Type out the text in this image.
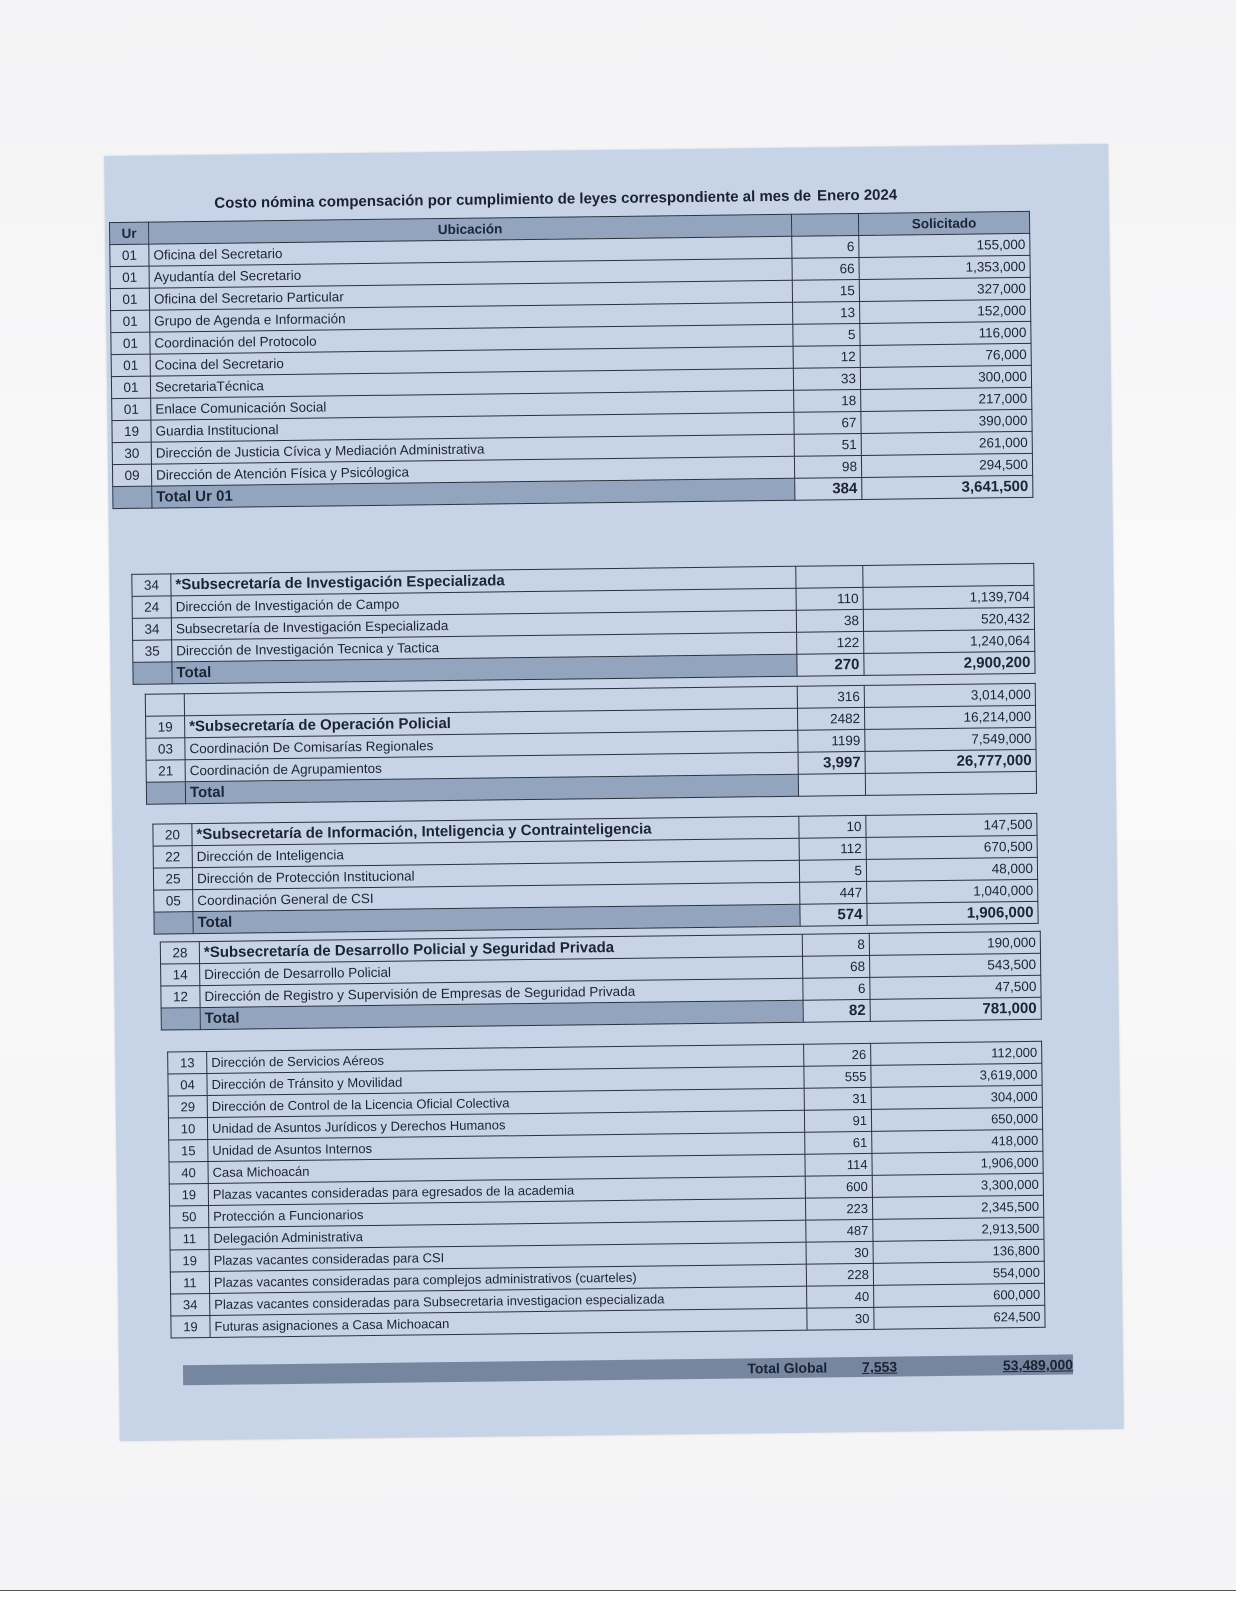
Costo nómina compensación por cumplimiento de leyes correspondiente al mes de Enero 2024
Ur	Ubicación		Solicitado
01	Oficina del Secretario	6	155,000
01	Ayudantía del Secretario	66	1,353,000
01	Oficina del Secretario Particular	15	327,000
01	Grupo de Agenda e Información	13	152,000
01	Coordinación del Protocolo	5	116,000
01	Cocina del Secretario	12	76,000
01	SecretariaTécnica	33	300,000
01	Enlace Comunicación Social	18	217,000
19	Guardia Institucional	67	390,000
30	Dirección de Justicia Cívica y Mediación Administrativa	51	261,000
09	Dirección de Atención Física y Psicólogica	98	294,500
	Total Ur 01	384	3,641,500
34	*Subsecretaría de Investigación Especializada		
24	Dirección de Investigación de Campo	110	1,139,704
34	Subsecretaría de Investigación Especializada	38	520,432
35	Dirección de Investigación Tecnica y Tactica	122	1,240,064
	Total	270	2,900,200
		316	3,014,000
19	*Subsecretaría de Operación Policial	2482	16,214,000
03	Coordinación De Comisarías Regionales	1199	7,549,000
21	Coordinación de Agrupamientos	3,997	26,777,000
	Total		
20	*Subsecretaría de Información, Inteligencia y Contrainteligencia	10	147,500
22	Dirección de Inteligencia	112	670,500
25	Dirección de Protección Institucional	5	48,000
05	Coordinación General de CSI	447	1,040,000
	Total	574	1,906,000
28	*Subsecretaría de Desarrollo Policial y Seguridad Privada	8	190,000
14	Dirección de Desarrollo Policial	68	543,500
12	Dirección de Registro y Supervisión de Empresas de Seguridad Privada	6	47,500
	Total	82	781,000
13	Dirección de Servicios Aéreos	26	112,000
04	Dirección de Tránsito y Movilidad	555	3,619,000
29	Dirección de Control de la Licencia Oficial Colectiva	31	304,000
10	Unidad de Asuntos Jurídicos y Derechos Humanos	91	650,000
15	Unidad de Asuntos Internos	61	418,000
40	Casa Michoacán	114	1,906,000
19	Plazas vacantes consideradas para egresados de la academia	600	3,300,000
50	Protección a Funcionarios	223	2,345,500
11	Delegación Administrativa	487	2,913,500
19	Plazas vacantes consideradas para CSI	30	136,800
11	Plazas vacantes consideradas para complejos administrativos (cuarteles)	228	554,000
34	Plazas vacantes consideradas para Subsecretaria investigacion especializada	40	600,000
19	Futuras asignaciones a Casa Michoacan	30	624,500
Total Global 7,553	53,489,000
